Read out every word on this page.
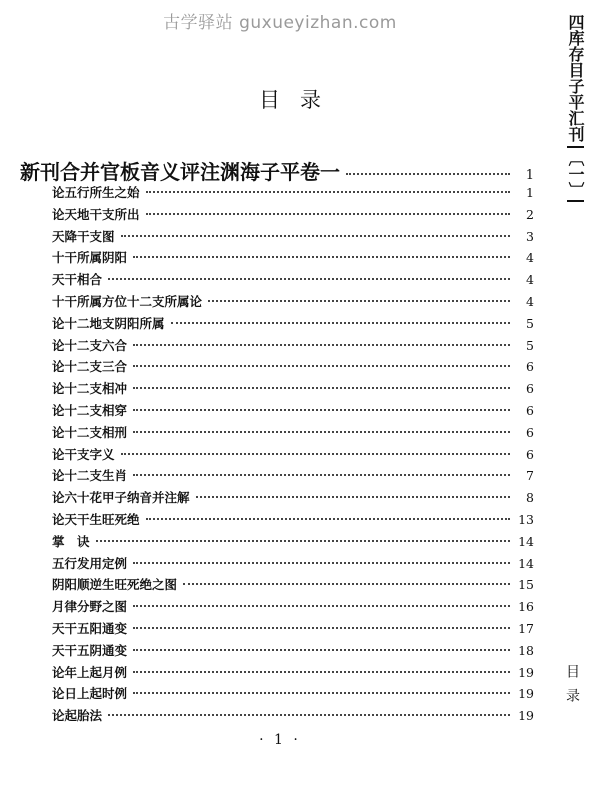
古学驿站 guxueyizhan.com	四库存目子平汇刊〔一〕
目录
目录
新刊合并官板音义评注渊海子平卷一	1
论五行所生之始	1
论天地干支所出	2
天降干支图	3
十干所属阴阳	4
天干相合	4
十干所属方位十二支所属论	4
论十二地支阴阳所属	5
论十二支六合	5
论十二支三合	6
论十二支相冲	6
论十二支相穿	6
论十二支相刑	6
论干支字义	6
论十二支生肖	7
论六十花甲子纳音并注解	8
论天干生旺死绝	13
掌　诀	14
五行发用定例	14
阴阳顺逆生旺死绝之图	15
月律分野之图	16
天干五阳通变	17
天干五阴通变	18
论年上起月例	19
论日上起时例	19
论起胎法	19
· 1 ·
